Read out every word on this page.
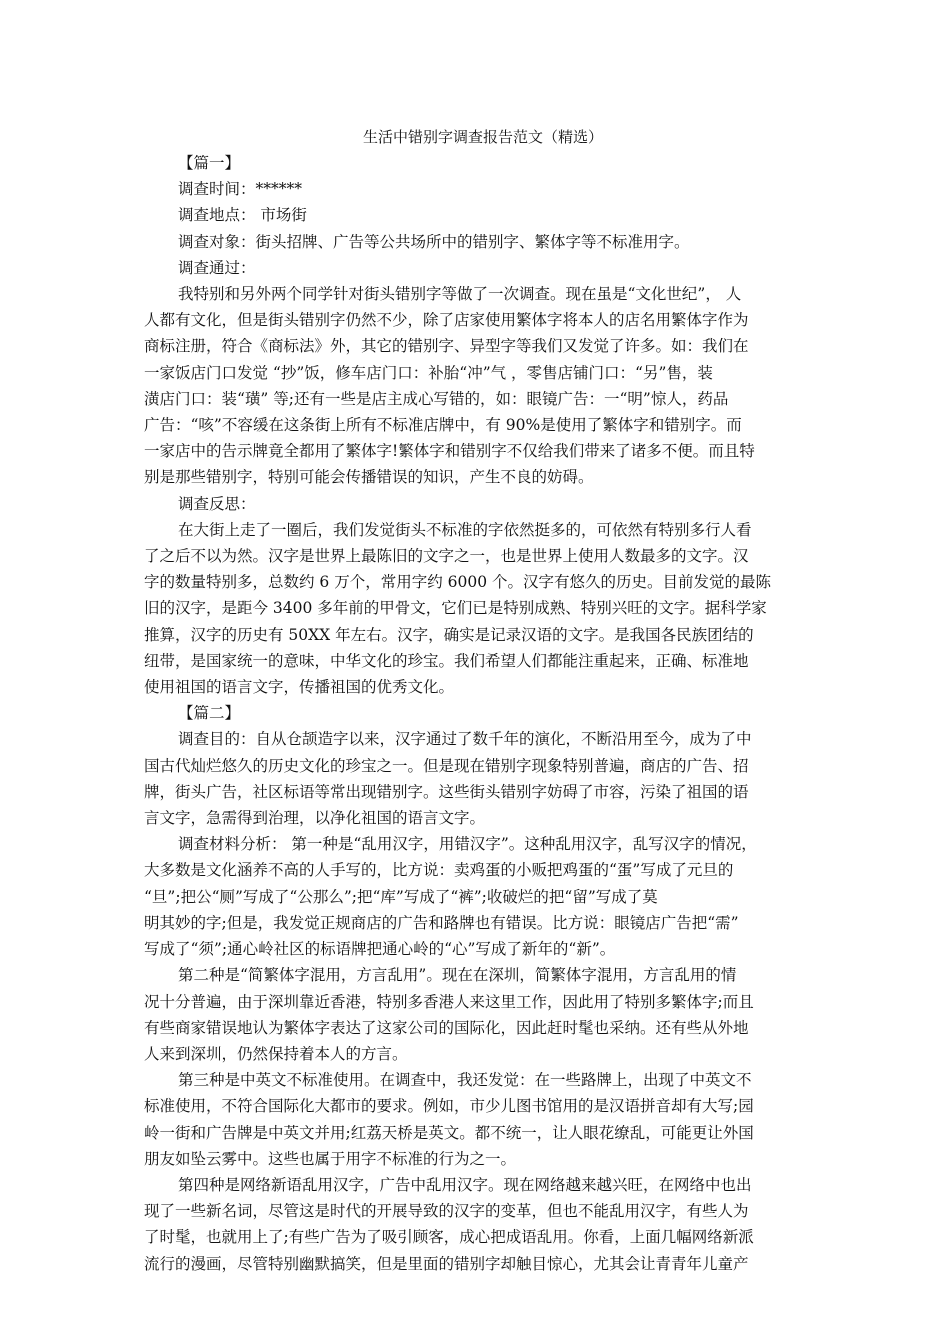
生活中错别字调查报告范文（精选）

【篇一】

调查时间：******

调查地点： 市场街

调查对象：街头招牌、广告等公共场所中的错别字、繁体字等不标准用字。

调查通过：

我特别和另外两个同学针对街头错别字等做了一次调查。现在虽是“文化世纪”， 人

人都有文化，但是街头错别字仍然不少，除了店家使用繁体字将本人的店名用繁体字作为

商标注册，符合《商标法》外，其它的错别字、异型字等我们又发觉了许多。如：我们在

一家饭店门口发觉 “抄”饭，修车店门口：补胎“冲”气 ，零售店铺门口：“另”售，装

潢店门口：装“璜” 等;还有一些是店主成心写错的，如：眼镜广告：一“明”惊人，药品

广告：“咳”不容缓在这条街上所有不标准店牌中，有 90%是使用了繁体字和错别字。而

一家店中的告示牌竟全都用了繁体字!繁体字和错别字不仅给我们带来了诸多不便。而且特

别是那些错别字，特别可能会传播错误的知识，产生不良的妨碍。

调查反思：

在大街上走了一圈后，我们发觉街头不标准的字依然挺多的，可依然有特别多行人看

了之后不以为然。汉字是世界上最陈旧的文字之一，也是世界上使用人数最多的文字。汉

字的数量特别多，总数约 6 万个，常用字约 6000 个。汉字有悠久的历史。目前发觉的最陈

旧的汉字，是距今 3400 多年前的甲骨文，它们已是特别成熟、特别兴旺的文字。据科学家

推算，汉字的历史有 50XX 年左右。汉字，确实是记录汉语的文字。是我国各民族团结的

纽带，是国家统一的意味，中华文化的珍宝。我们希望人们都能注重起来，正确、标准地

使用祖国的语言文字，传播祖国的优秀文化。

【篇二】

调查目的：自从仓颉造字以来，汉字通过了数千年的演化，不断沿用至今，成为了中

国古代灿烂悠久的历史文化的珍宝之一。但是现在错别字现象特别普遍，商店的广告、招

牌，街头广告，社区标语等常出现错别字。这些街头错别字妨碍了市容，污染了祖国的语

言文字，急需得到治理，以净化祖国的语言文字。

调查材料分析： 第一种是“乱用汉字，用错汉字”。这种乱用汉字，乱写汉字的情况，

大多数是文化涵养不高的人手写的，比方说：卖鸡蛋的小贩把鸡蛋的“蛋”写成了元旦的

“旦”;把公“厕”写成了“公那么”;把“库”写成了“裤”;收破烂的把“留”写成了莫

明其妙的字;但是，我发觉正规商店的广告和路牌也有错误。比方说：眼镜店广告把“需”

写成了“须”;通心岭社区的标语牌把通心岭的“心”写成了新年的“新”。

第二种是“简繁体字混用，方言乱用”。现在在深圳，简繁体字混用，方言乱用的情

况十分普遍，由于深圳靠近香港，特别多香港人来这里工作，因此用了特别多繁体字;而且

有些商家错误地认为繁体字表达了这家公司的国际化，因此赶时髦也采纳。还有些从外地

人来到深圳，仍然保持着本人的方言。

第三种是中英文不标准使用。在调查中，我还发觉：在一些路牌上，出现了中英文不

标准使用，不符合国际化大都市的要求。例如，市少儿图书馆用的是汉语拼音却有大写;园

岭一街和广告牌是中英文并用;红荔天桥是英文。都不统一，让人眼花缭乱，可能更让外国

朋友如坠云雾中。这些也属于用字不标准的行为之一。

第四种是网络新语乱用汉字，广告中乱用汉字。现在网络越来越兴旺，在网络中也出

现了一些新名词，尽管这是时代的开展导致的汉字的变革，但也不能乱用汉字，有些人为

了时髦，也就用上了;有些广告为了吸引顾客，成心把成语乱用。你看，上面几幅网络新派

流行的漫画，尽管特别幽默搞笑，但是里面的错别字却触目惊心，尤其会让青青年儿童产
